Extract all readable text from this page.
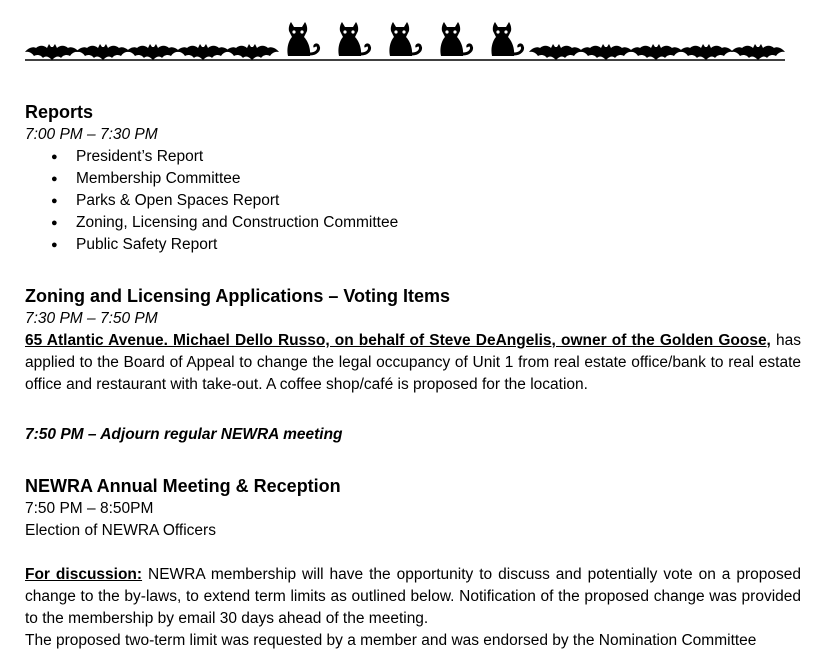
Reports
7:00 PM – 7:30 PM
● President’s Report
● Membership Committee
● Parks & Open Spaces Report
● Zoning, Licensing and Construction Committee
● Public Safety Report
Zoning and Licensing Applications – Voting Items
7:30 PM – 7:50 PM

65 Atlantic Avenue. Michael Dello Russo, on behalf of Steve DeAngelis, owner of the Golden Goose, has applied to the Board of Appeal to change the legal occupancy of Unit 1 from real estate office/bank to real estate office and restaurant with take-out. A coffee shop/café is proposed for the location.

7:50 PM – Adjourn regular NEWRA meeting
NEWRA Annual Meeting & Reception
7:50 PM – 8:50PM
Election of NEWRA Officers

For discussion: NEWRA membership will have the opportunity to discuss and potentially vote on a proposed change to the by-laws, to extend term limits as outlined below. Notification of the proposed change was provided to the membership by email 30 days ahead of the meeting.

The proposed two-term limit was requested by a member and was endorsed by the Nomination Committee
